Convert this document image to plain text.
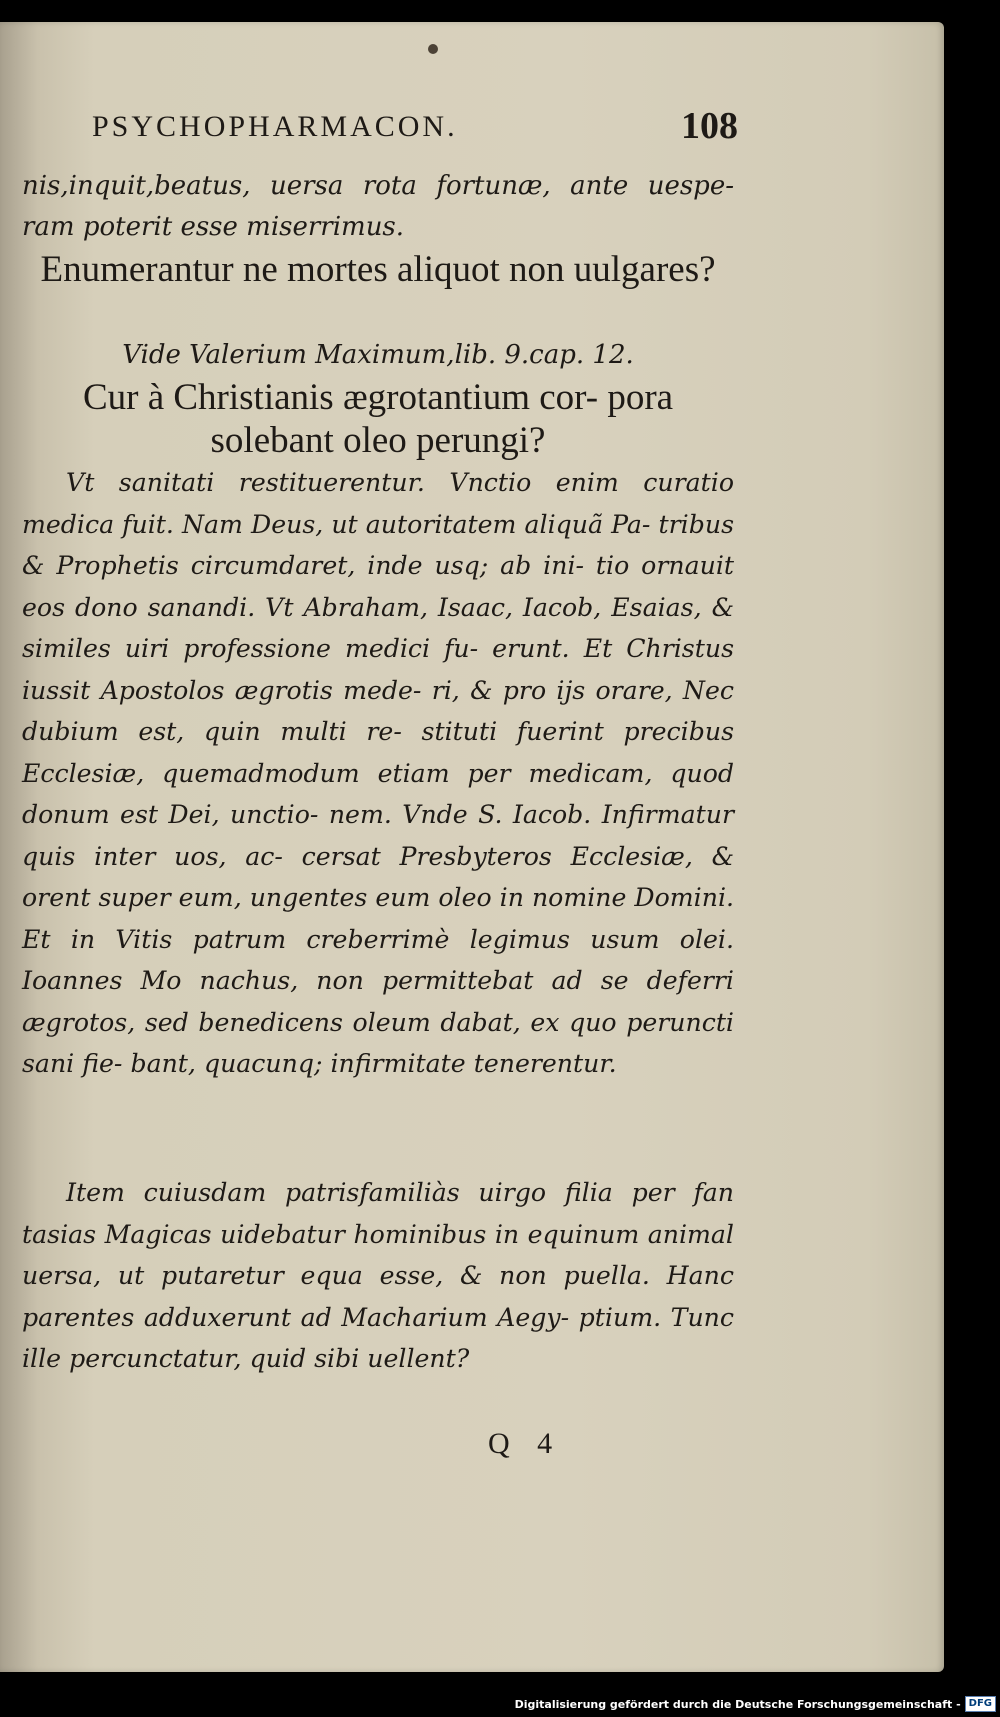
PSYCHOPHARMACON.	108

nis,inquit,beatus, uersa rota fortunæ, ante uespe- ram poterit esse miserrimus.

Enumerantur ne mortes aliquot non uulgares?

Vide Valerium Maximum,lib. 9.cap. 12.

Cur à Christianis ægrotantium cor- pora solebant oleo perungi?

Vt sanitati restituerentur. Vnctio enim curatio medica fuit. Nam Deus, ut autoritatem aliquã Pa- tribus & Prophetis circumdaret, inde usq; ab ini- tio ornauit eos dono sanandi. Vt Abraham, Isaac, Iacob, Esaias, & similes uiri professione medici fu- erunt. Et Christus iussit Apostolos ægrotis mede- ri, & pro ijs orare, Nec dubium est, quin multi re- stituti fuerint precibus Ecclesiæ, quemadmodum etiam per medicam, quod donum est Dei, unctio- nem. Vnde S. Iacob. Infirmatur quis inter uos, ac- cersat Presbyteros Ecclesiæ, & orent super eum, ungentes eum oleo in nomine Domini. Et in Vitis patrum creberrimè legimus usum olei. Ioannes Mo nachus, non permittebat ad se deferri ægrotos, sed benedicens oleum dabat, ex quo peruncti sani fie- bant, quacunq; infirmitate tenerentur.

Item cuiusdam patrisfamiliàs uirgo filia per fan tasias Magicas uidebatur hominibus in equinum animal uersa, ut putaretur equa esse, & non puella. Hanc parentes adduxerunt ad Macharium Aegy- ptium. Tunc ille percunctatur, quid sibi uellent?

Q 4
Digitalisierung gefördert durch die Deutsche Forschungsgemeinschaft - DFG
